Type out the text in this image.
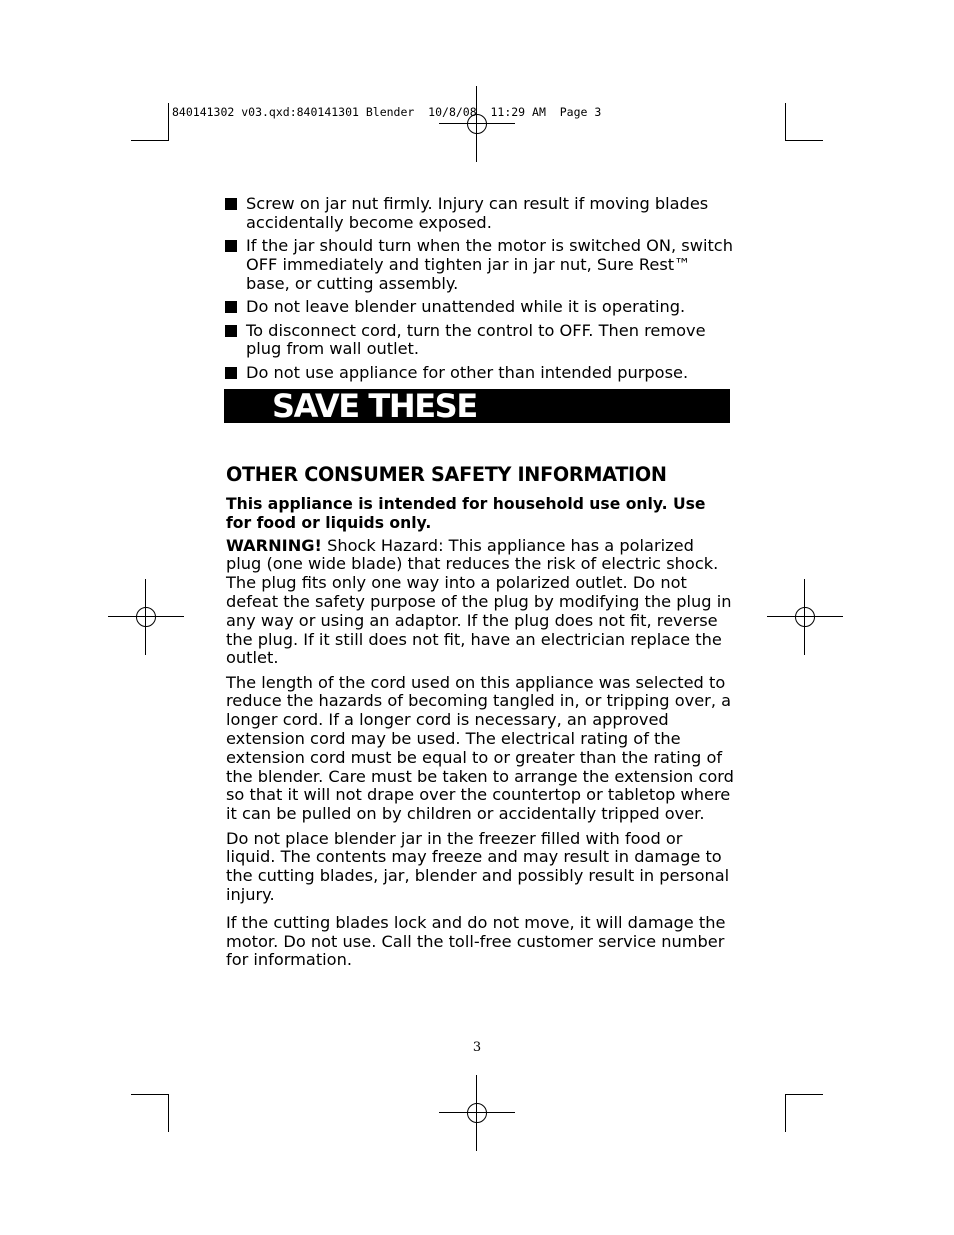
840141302 v03.qxd:840141301 Blender  10/8/08  11:29 AM  Page 3
Screw on jar nut firmly. Injury can result if moving blades accidentally become exposed.
If the jar should turn when the motor is switched ON, switch OFF immediately and tighten jar in jar nut, Sure Rest™ base, or cutting assembly.
Do not leave blender unattended while it is operating.
To disconnect cord, turn the control to OFF. Then remove plug from wall outlet.
Do not use appliance for other than intended purpose.
SAVE THESE INSTRUCTIONS
OTHER CONSUMER SAFETY INFORMATION

This appliance is intended for household use only. Use for food or liquids only.

WARNING! Shock Hazard: This appliance has a polarized plug (one wide blade) that reduces the risk of electric shock. The plug fits only one way into a polarized outlet. Do not defeat the safety purpose of the plug by modifying the plug in any way or using an adaptor. If the plug does not fit, reverse the plug. If it still does not fit, have an electrician replace the outlet.

The length of the cord used on this appliance was selected to reduce the hazards of becoming tangled in, or tripping over, a longer cord. If a longer cord is necessary, an approved extension cord may be used. The electrical rating of the extension cord must be equal to or greater than the rating of the blender. Care must be taken to arrange the extension cord so that it will not drape over the countertop or tabletop where it can be pulled on by children or accidentally tripped over.

Do not place blender jar in the freezer filled with food or liquid. The contents may freeze and may result in damage to the cutting blades, jar, blender and possibly result in personal injury.

If the cutting blades lock and do not move, it will damage the motor. Do not use. Call the toll-free customer service number for information.

3
